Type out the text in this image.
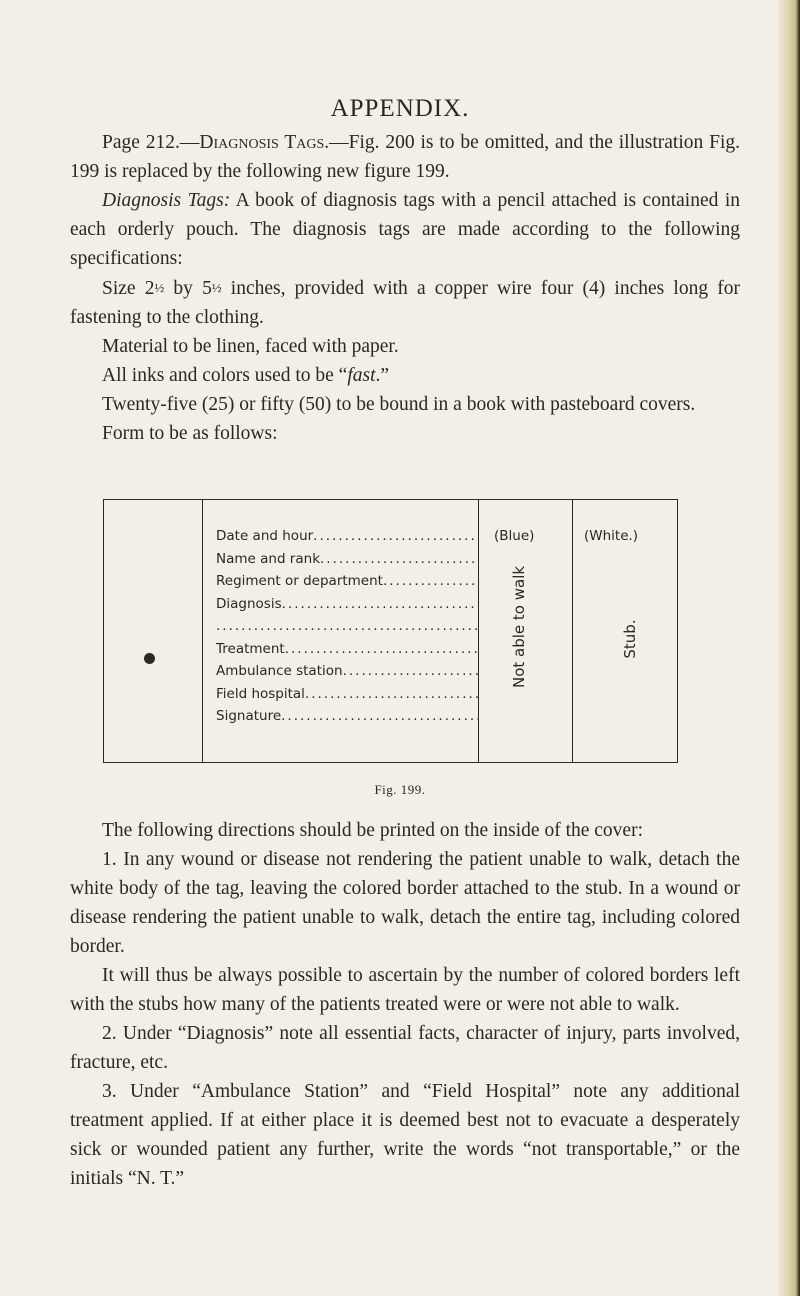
APPENDIX.

Page 212.—Diagnosis Tags.—Fig. 200 is to be omitted, and the illustration Fig. 199 is replaced by the following new figure 199.

Diagnosis Tags: A book of diagnosis tags with a pencil attached is contained in each orderly pouch. The diagnosis tags are made according to the following specifications:

Size 2½ by 5½ inches, provided with a copper wire four (4) inches long for fastening to the clothing.

Material to be linen, faced with paper.

All inks and colors used to be “fast.”

Twenty-five (25) or fifty (50) to be bound in a book with pasteboard covers.

Form to be as follows:

Date and hour
.....
Name and rank
.....
Regiment or department
.....
Diagnosis
.....
.....
Treatment
.....
Ambulance station
.....
Field hospital
.....
Signature
.....
(Blue)	(White.)
Not able to walk	Stub.
Fig. 199.

The following directions should be printed on the inside of the cover:

1. In any wound or disease not rendering the patient unable to walk, detach the white body of the tag, leaving the colored border attached to the stub. In a wound or disease rendering the patient unable to walk, detach the entire tag, including colored border.

It will thus be always possible to ascertain by the number of colored borders left with the stubs how many of the patients treated were or were not able to walk.

2. Under “Diagnosis” note all essential facts, character of injury, parts involved, fracture, etc.

3. Under “Ambulance Station” and “Field Hospital” note any additional treatment applied. If at either place it is deemed best not to evacuate a desperately sick or wounded patient any further, write the words “not transportable,” or the initials “N. T.”
